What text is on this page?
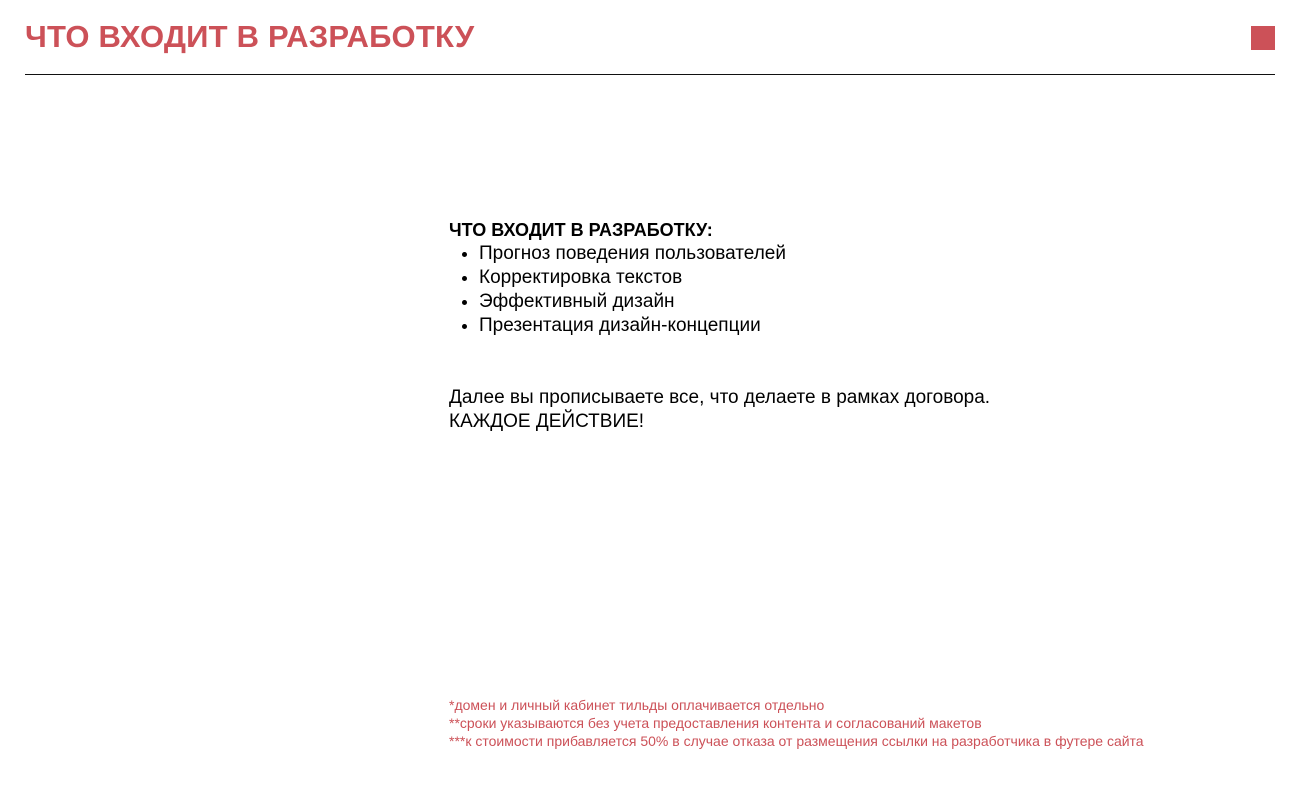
ЧТО ВХОДИТ В РАЗРАБОТКУ
ЧТО ВХОДИТ В РАЗРАБОТКУ:
Прогноз поведения пользователей
Корректировка текстов
Эффективный дизайн
Презентация дизайн-концепции

Далее вы прописываете все, что делаете в рамках договора.

КАЖДОЕ ДЕЙСТВИЕ!

*домен и личный кабинет тильды оплачивается отдельно

**сроки указываются без учета предоставления контента и согласований макетов

***к стоимости прибавляется 50% в случае отказа от размещения ссылки на разработчика в футере сайта
